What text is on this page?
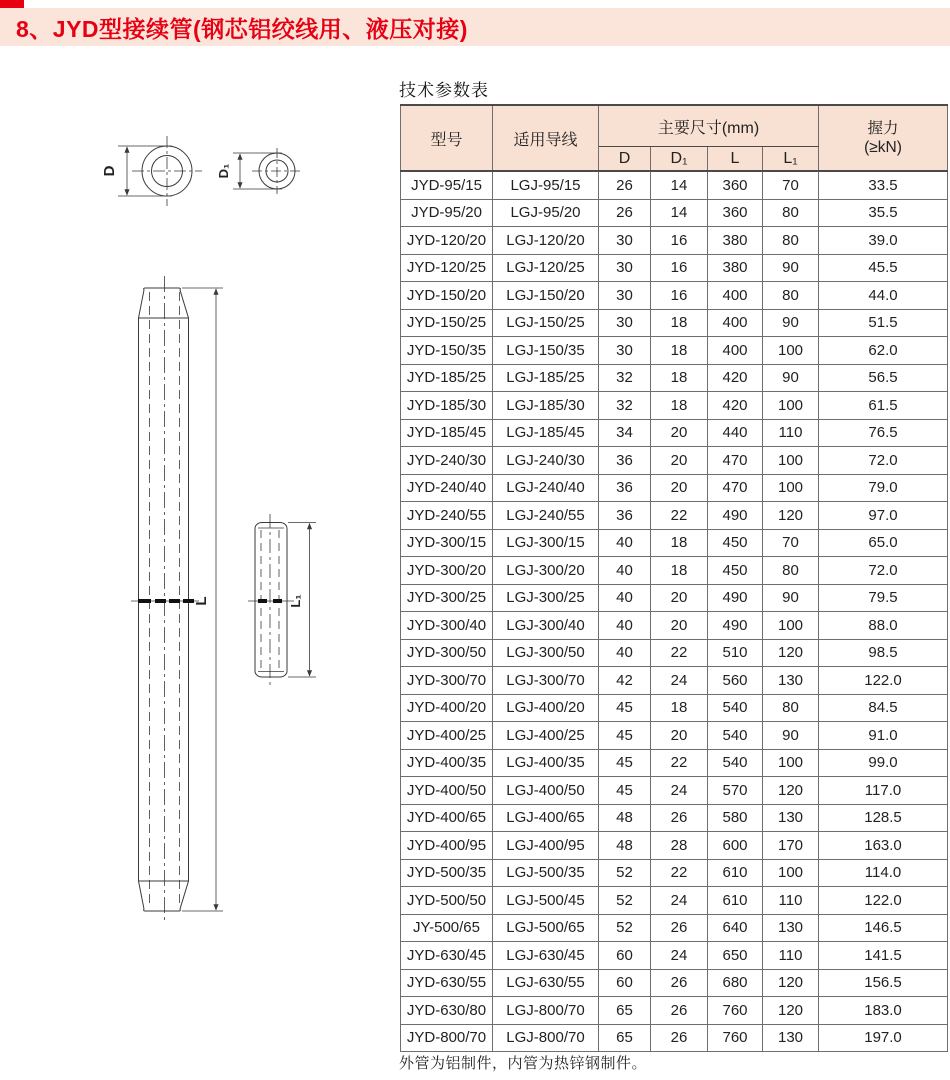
8、JYD型接续管(钢芯铝绞线用、液压对接)
D	D₁
L	L₁
技术参数表
型号	适用导线	主要尺寸(mm)				握力
(≥kN)

		D	D₁	L	L₁	
JYD-95/15	LGJ-95/15	26	14	360	70	33.5
JYD-95/20	LGJ-95/20	26	14	360	80	35.5
JYD-120/20	LGJ-120/20	30	16	380	80	39.0
JYD-120/25	LGJ-120/25	30	16	380	90	45.5
JYD-150/20	LGJ-150/20	30	16	400	80	44.0
JYD-150/25	LGJ-150/25	30	18	400	90	51.5
JYD-150/35	LGJ-150/35	30	18	400	100	62.0
JYD-185/25	LGJ-185/25	32	18	420	90	56.5
JYD-185/30	LGJ-185/30	32	18	420	100	61.5
JYD-185/45	LGJ-185/45	34	20	440	110	76.5
JYD-240/30	LGJ-240/30	36	20	470	100	72.0
JYD-240/40	LGJ-240/40	36	20	470	100	79.0
JYD-240/55	LGJ-240/55	36	22	490	120	97.0
JYD-300/15	LGJ-300/15	40	18	450	70	65.0
JYD-300/20	LGJ-300/20	40	18	450	80	72.0
JYD-300/25	LGJ-300/25	40	20	490	90	79.5
JYD-300/40	LGJ-300/40	40	20	490	100	88.0
JYD-300/50	LGJ-300/50	40	22	510	120	98.5
JYD-300/70	LGJ-300/70	42	24	560	130	122.0
JYD-400/20	LGJ-400/20	45	18	540	80	84.5
JYD-400/25	LGJ-400/25	45	20	540	90	91.0
JYD-400/35	LGJ-400/35	45	22	540	100	99.0
JYD-400/50	LGJ-400/50	45	24	570	120	117.0
JYD-400/65	LGJ-400/65	48	26	580	130	128.5
JYD-400/95	LGJ-400/95	48	28	600	170	163.0
JYD-500/35	LGJ-500/35	52	22	610	100	114.0
JYD-500/50	LGJ-500/45	52	24	610	110	122.0
JY-500/65	LGJ-500/65	52	26	640	130	146.5
JYD-630/45	LGJ-630/45	60	24	650	110	141.5
JYD-630/55	LGJ-630/55	60	26	680	120	156.5
JYD-630/80	LGJ-800/70	65	26	760	120	183.0
JYD-800/70	LGJ-800/70	65	26	760	130	197.0
外管为铝制件，内管为热锌钢制件。
